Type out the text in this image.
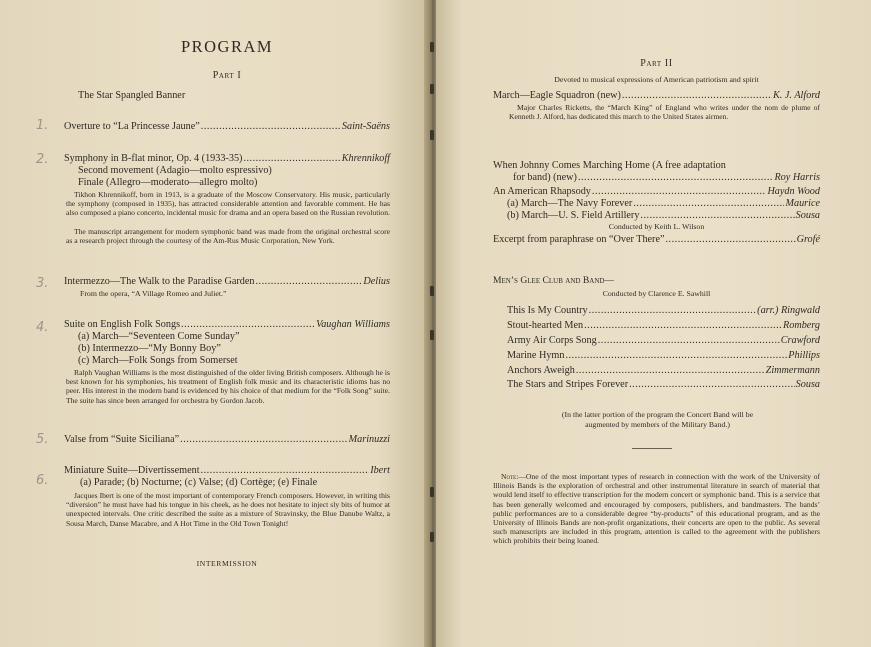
PROGRAM
Part I
The Star Spangled Banner
1. Overture to “La Princesse Jaune” .....	Saint-Saëns
2. Symphony in B-flat minor, Op. 4 (1933-35) .....	Khrennikoff
Second movement (Adagio—molto espressivo)
Finale (Allegro—moderato—allegro molto)
Tikhon Khrennikoff, born in 1913, is a graduate of the Moscow Conservatory. His music, particularly the symphony (composed in 1935), has attracted considerable attention and favorable comment. He has also composed a piano concerto, incidental music for drama and an opera based on the Russian revolution.
The manuscript arrangement for modern symphonic band was made from the original orchestral score as a research project through the courtesy of the Am-Rus Music Corporation, New York.
3. Intermezzo—The Walk to the Paradise Garden .....	Delius
From the opera, “A Village Romeo and Juliet.”
4. Suite on English Folk Songs .....	Vaughan Williams
(a) March—“Seventeen Come Sunday”
(b) Intermezzo—“My Bonny Boy”
(c) March—Folk Songs from Somerset
Ralph Vaughan Williams is the most distinguished of the older living British composers. Although he is best known for his symphonies, his treatment of English folk music and its characteristic idioms has no peer. His interest in the modern band is evidenced by his choice of that medium for the “Folk Song” suite. The suite has since been arranged for orchestra by Gordon Jacob.
5. Valse from “Suite Siciliana” .....	Marinuzzi
6.
Miniature Suite—Divertissement .....	Ibert
(a) Parade; (b) Nocturne; (c) Valse; (d) Cortège; (e) Finale
Jacques Ibert is one of the most important of contemporary French composers. However, in writing this “diversion” he must have had his tongue in his cheek, as he does not hesitate to inject sly bits of humor at unexpected intervals. One critic described the suite as a mixture of Stravinsky, the Blue Danube Waltz, a Sousa March, Danse Macabre, and A Hot Time in the Old Town Tonight!
INTERMISSION
Part II
Devoted to musical expressions of American patriotism and spirit
March—Eagle Squadron (new) .....	K. J. Alford
Major Charles Ricketts, the “March King” of England who writes under the nom de plume of Kenneth J. Alford, has dedicated this march to the United States airmen.
When Johnny Comes Marching Home (A free adaptation
for band) (new) .....	Roy Harris
An American Rhapsody .....	Haydn Wood
(a) March—The Navy Forever .....	Maurice
(b) March—U. S. Field Artillery .....	Sousa
Conducted by Keith L. Wilson
Excerpt from paraphrase on “Over There” .....	Grofé
Men’s Glee Club and Band—
Conducted by Clarence E. Sawhill
This Is My Country .....	(arr.) Ringwald
Stout-hearted Men .....	Romberg
Army Air Corps Song .....	Crawford
Marine Hymn .....	Phillips
Anchors Aweigh .....	Zimmermann
The Stars and Stripes Forever .....	Sousa
(In the latter portion of the program the Concert Band will be augmented by members of the Military Band.)
Note:—One of the most important types of research in connection with the work of the University of Illinois Bands is the exploration of orchestral and other instrumental literature in search of material that would lend itself to effective transcription for the modern concert or symphonic band. This is a service that has been generally welcomed and encouraged by composers, publishers, and bandmasters. The bands’ public performances are to a considerable degree “by-products” of this educational program, and as the University of Illinois Bands are non-profit organizations, their concerts are open to the public. As several such manuscripts are included in this program, attention is called to the agreement with the publishers which prohibits their being loaned.
